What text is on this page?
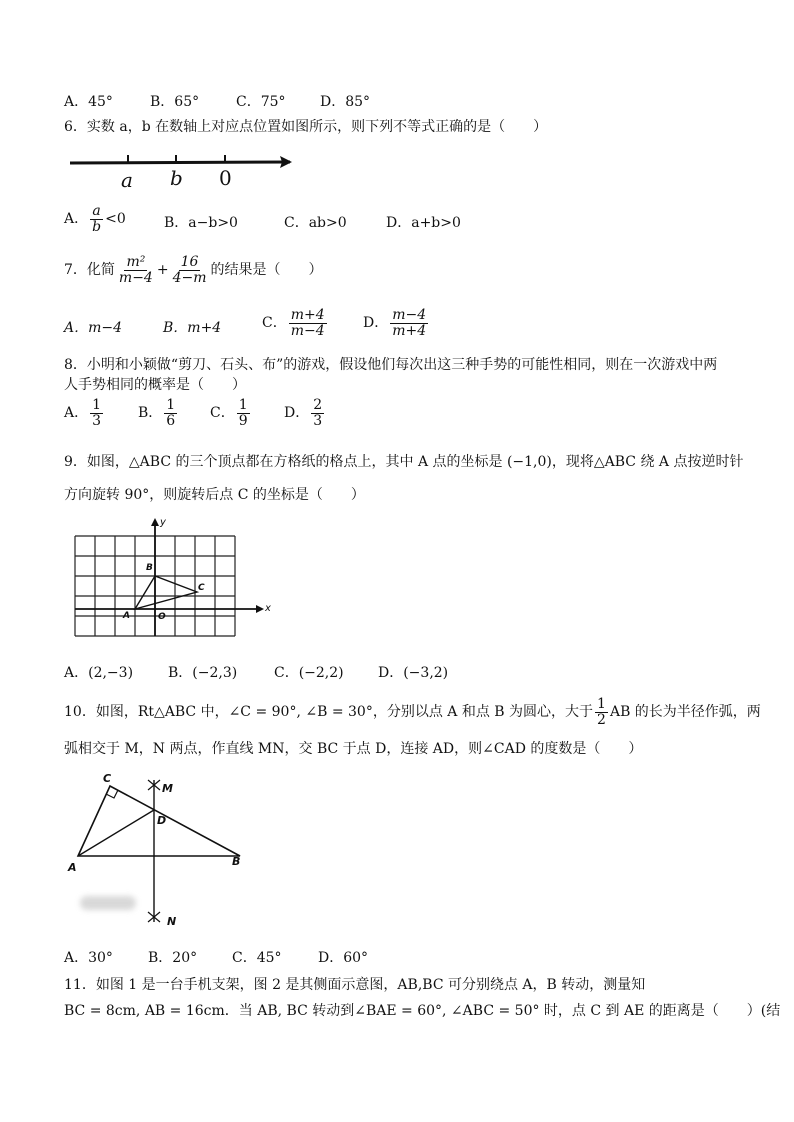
A．45°	B．65°	C．75° D．85°
6．实数 a，b 在数轴上对应点位置如图所示，则下列不等式正确的是（　　）
a b 0
A． $\frac{a}{b} <0$	B．a−b>0	C．ab>0	D．a+b>0
7．化简 $\frac{\text{m²}}{m-4} + \frac{16}{4-m}$ 的结果是（　　）
A．m−4	B．m+4	C． $\frac{m+4}{m-4}$	D． $\frac{m-4}{m+4}$
8．小明和小颖做“剪刀、石头、布”的游戏，假设他们每次出这三种手势的可能性相同，则在一次游戏中两
人手势相同的概率是（　　）
A． $\frac{1}{3}$ B． $\frac{1}{6}$ C． $\frac{1}{9}$ D． $\frac{2}{3}$
9．如图，△ABC 的三个顶点都在方格纸的格点上，其中 A 点的坐标是 (−1,0)，现将△ABC 绕 A 点按逆时针
方向旋转 90°，则旋转后点 C 的坐标是（　　）
y
x
A
B
C
O
A．(2,−3) B．(−2,3)	C．(−2,2) D．(−3,2)
10．如图，Rt△ABC 中，∠C = 90°, ∠B = 30°，分别以点 A 和点 B 为圆心，大于 $\frac{1}{2}$ AB 的长为半径作弧，两
弧相交于 M，N 两点，作直线 MN，交 BC 于点 D，连接 AD，则∠CAD 的度数是（　　）
C
M
D
A	B
N
A．30°	B．20° C．45°	D．60°
11．如图 1 是一台手机支架，图 2 是其侧面示意图，AB,BC 可分别绕点 A，B 转动，测量知
BC = 8cm, AB = 16cm．当 AB, BC 转动到∠BAE = 60°, ∠ABC = 50° 时，点 C 到 AE 的距离是（　　）(结
